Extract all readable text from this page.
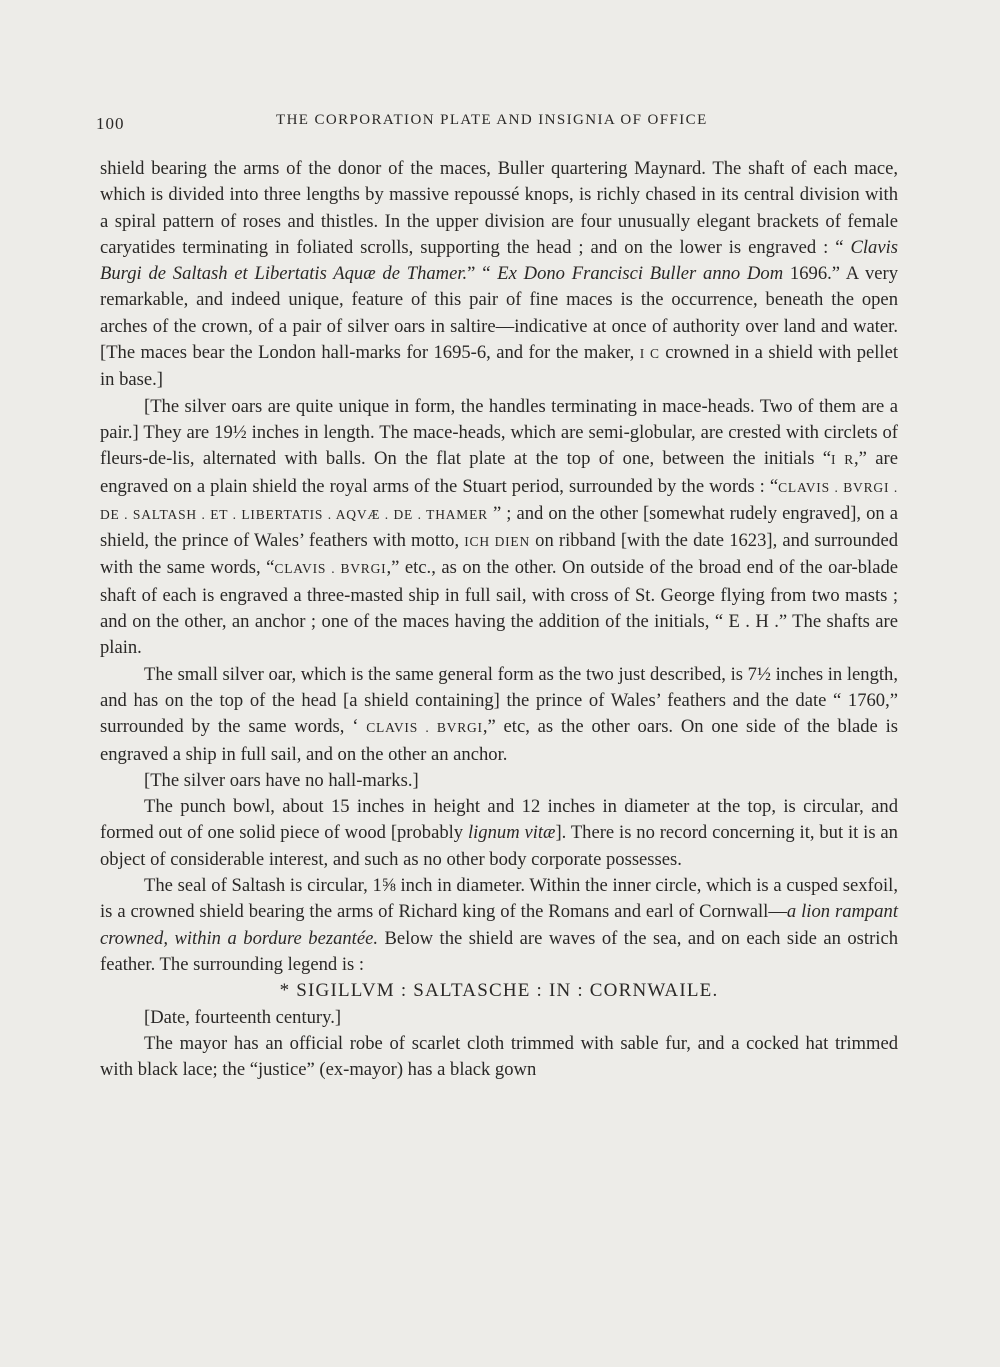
100	THE CORPORATION PLATE AND INSIGNIA OF OFFICE

shield bearing the arms of the donor of the maces, Buller quartering Maynard. The shaft of each mace, which is divided into three lengths by massive repoussé knops, is richly chased in its central division with a spiral pattern of roses and thistles. In the upper division are four unusually elegant brackets of female caryatides terminating in foliated scrolls, supporting the head ; and on the lower is engraved : “ Clavis Burgi de Saltash et Libertatis Aquæ de Thamer.” “ Ex Dono Francisci Buller anno Dom 1696.” A very remarkable, and indeed unique, feature of this pair of fine maces is the occurrence, beneath the open arches of the crown, of a pair of silver oars in saltire—indicative at once of authority over land and water. [The maces bear the London hall-marks for 1695-6, and for the maker, I C crowned in a shield with pellet in base.]

[The silver oars are quite unique in form, the handles terminating in mace-heads. Two of them are a pair.] They are 19½ inches in length. The mace-heads, which are semi-globular, are crested with circlets of fleurs-de-lis, alternated with balls. On the flat plate at the top of one, between the initials “I R,” are engraved on a plain shield the royal arms of the Stuart period, surrounded by the words : “CLAVIS . BVRGI . DE . SALTASH . ET . LIBERTATIS . AQVÆ . DE . THAMER ” ; and on the other [somewhat rudely engraved], on a shield, the prince of Wales’ feathers with motto, ICH DIEN on ribband [with the date 1623], and surrounded with the same words, “CLAVIS . BVRGI,” etc., as on the other. On outside of the broad end of the oar-blade shaft of each is engraved a three-masted ship in full sail, with cross of St. George flying from two masts ; and on the other, an anchor ; one of the maces having the addition of the initials, “ E . H .” The shafts are plain.

The small silver oar, which is the same general form as the two just described, is 7½ inches in length, and has on the top of the head [a shield containing] the prince of Wales’ feathers and the date “ 1760,” surrounded by the same words, ‘ CLAVIS . BVRGI,” etc, as the other oars. On one side of the blade is engraved a ship in full sail, and on the other an anchor.

[The silver oars have no hall-marks.]

The punch bowl, about 15 inches in height and 12 inches in diameter at the top, is circular, and formed out of one solid piece of wood [probably lignum vitæ]. There is no record concerning it, but it is an object of considerable interest, and such as no other body corporate possesses.

The seal of Saltash is circular, 1⅝ inch in diameter. Within the inner circle, which is a cusped sexfoil, is a crowned shield bearing the arms of Richard king of the Romans and earl of Cornwall—a lion rampant crowned, within a bordure bezantée. Below the shield are waves of the sea, and on each side an ostrich feather. The surrounding legend is :

* SIGILLVM : SALTASCHE : IN : CORNWAILE.

[Date, fourteenth century.]

The mayor has an official robe of scarlet cloth trimmed with sable fur, and a cocked hat trimmed with black lace; the “justice” (ex-mayor) has a black gown
